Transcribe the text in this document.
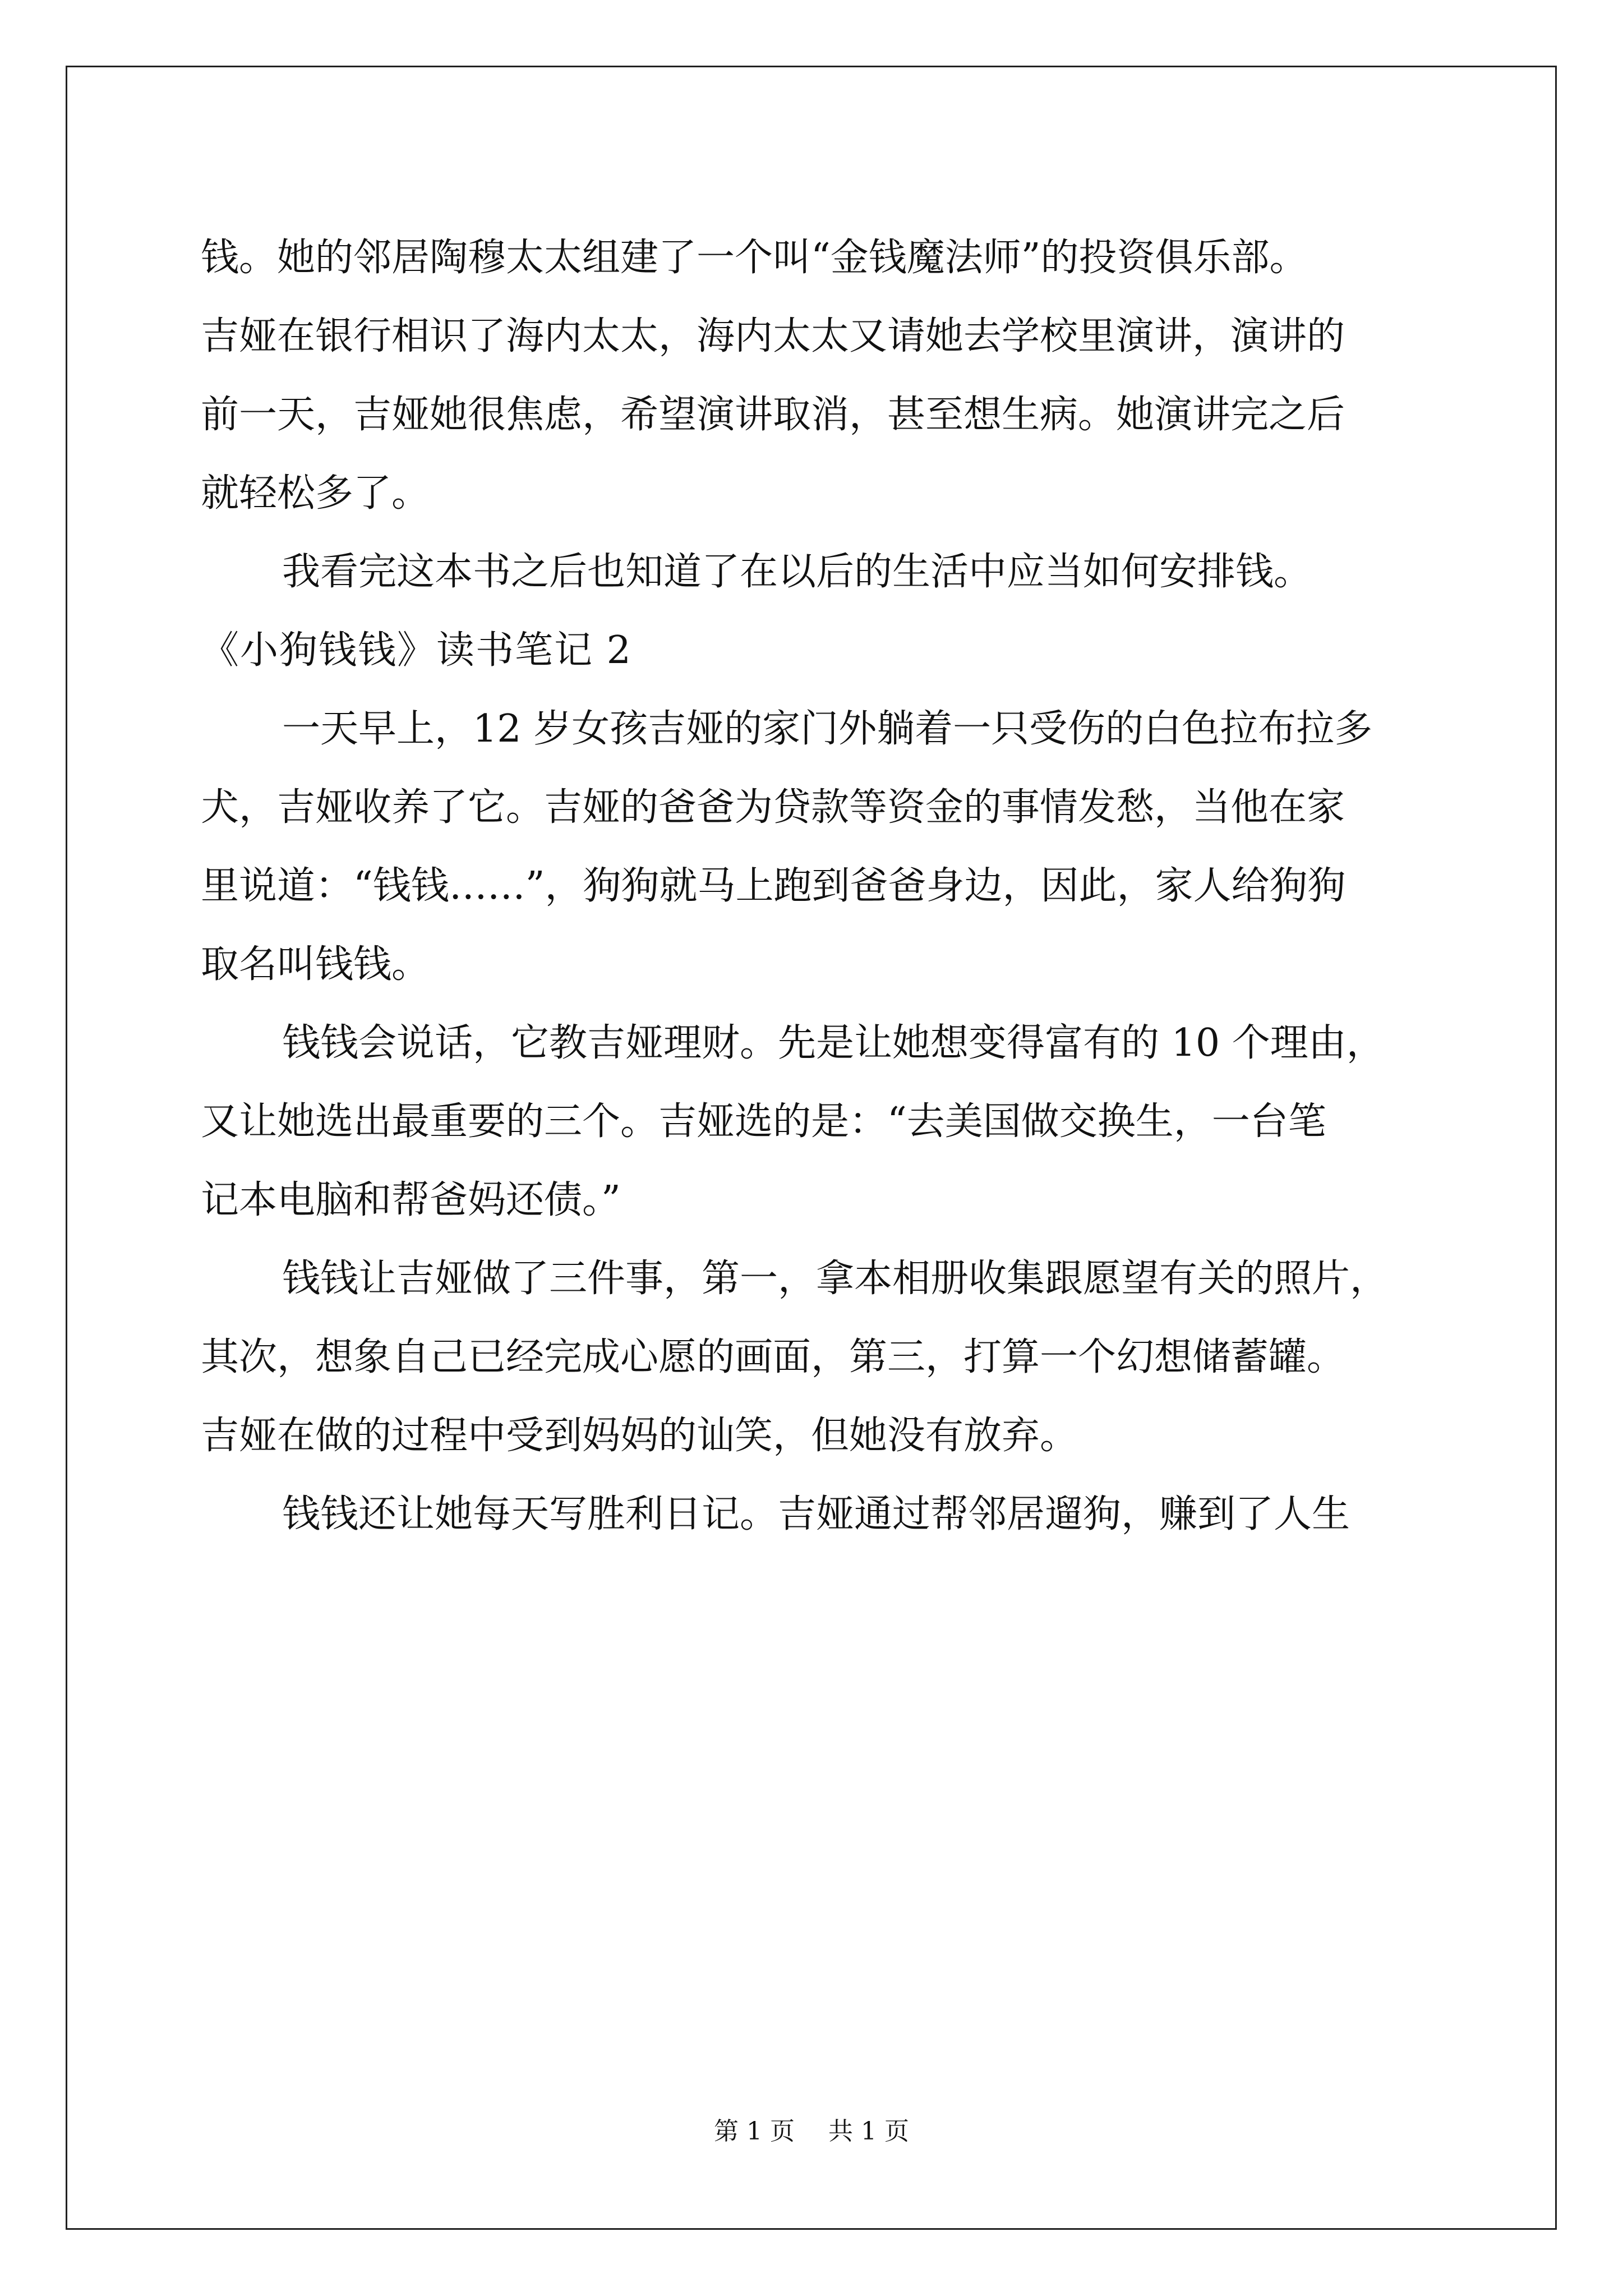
钱。她的邻居陶穆太太组建了一个叫“金钱魔法师”的投资俱乐部。

吉娅在银行相识了海内太太，海内太太又请她去学校里演讲，演讲的

前一天，吉娅她很焦虑，希望演讲取消，甚至想生病。她演讲完之后

就轻松多了。

我看完这本书之后也知道了在以后的生活中应当如何安排钱。

《小狗钱钱》读书笔记 2

一天早上，12 岁女孩吉娅的家门外躺着一只受伤的白色拉布拉多

犬，吉娅收养了它。吉娅的爸爸为贷款等资金的事情发愁，当他在家

里说道：“钱钱……”，狗狗就马上跑到爸爸身边，因此，家人给狗狗

取名叫钱钱。

钱钱会说话，它教吉娅理财。先是让她想变得富有的 10 个理由，

又让她选出最重要的三个。吉娅选的是：“去美国做交换生，一台笔

记本电脑和帮爸妈还债。”

钱钱让吉娅做了三件事，第一，拿本相册收集跟愿望有关的照片，

其次，想象自己已经完成心愿的画面，第三，打算一个幻想储蓄罐。

吉娅在做的过程中受到妈妈的讪笑，但她没有放弃。

钱钱还让她每天写胜利日记。吉娅通过帮邻居遛狗，赚到了人生

第 1 页 共 1 页
